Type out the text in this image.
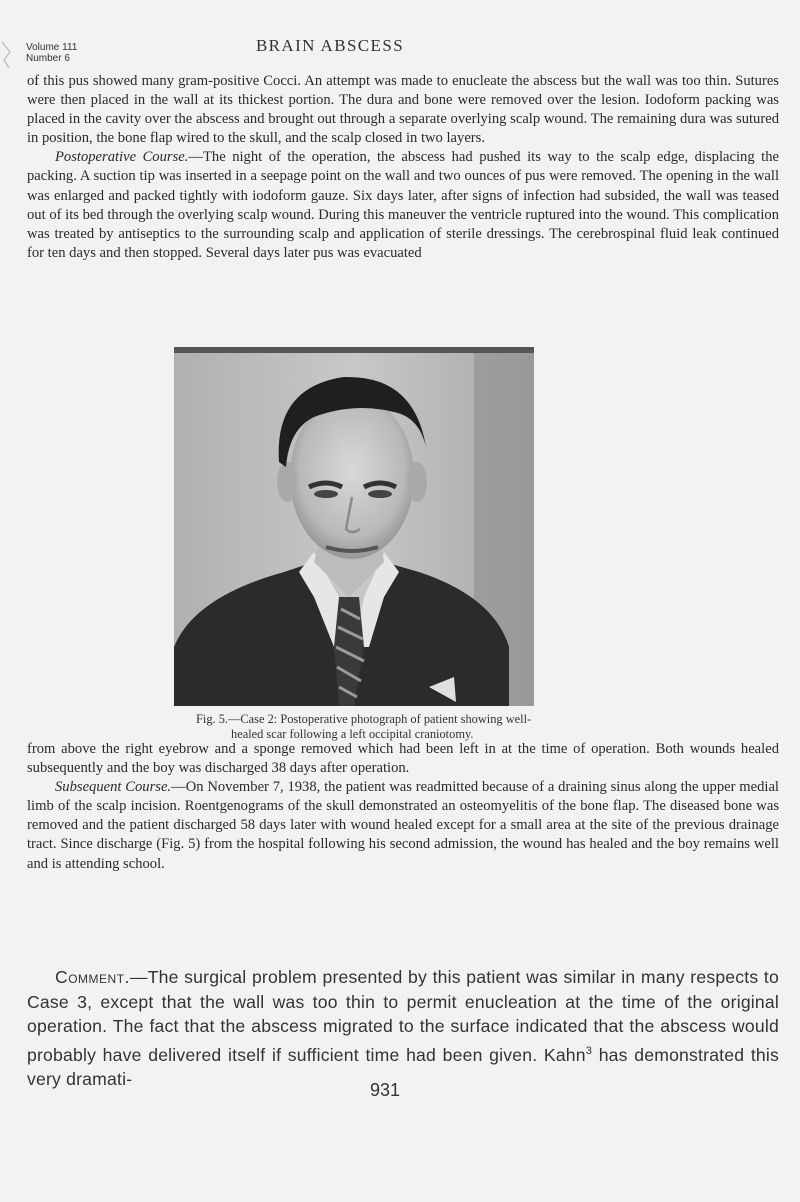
Volume 111
Number 6
BRAIN ABSCESS

of this pus showed many gram-positive Cocci. An attempt was made to enucleate the abscess but the wall was too thin. Sutures were then placed in the wall at its thickest portion. The dura and bone were removed over the lesion. Iodoform packing was placed in the cavity over the abscess and brought out through a separate overlying scalp wound. The remaining dura was sutured in position, the bone flap wired to the skull, and the scalp closed in two layers.

Postoperative Course.—The night of the operation, the abscess had pushed its way to the scalp edge, displacing the packing. A suction tip was inserted in a seepage point on the wall and two ounces of pus were removed. The opening in the wall was enlarged and packed tightly with iodoform gauze. Six days later, after signs of infection had subsided, the wall was teased out of its bed through the overlying scalp wound. During this maneuver the ventricle ruptured into the wound. This complication was treated by antiseptics to the surrounding scalp and application of sterile dressings. The cerebrospinal fluid leak continued for ten days and then stopped. Several days later pus was evacuated

Fig. 5.—Case 2: Postoperative photograph of patient showing well-
healed scar following a left occipital craniotomy.

from above the right eyebrow and a sponge removed which had been left in at the time of operation. Both wounds healed subsequently and the boy was discharged 38 days after operation.

Subsequent Course.—On November 7, 1938, the patient was readmitted because of a draining sinus along the upper medial limb of the scalp incision. Roentgenograms of the skull demonstrated an osteomyelitis of the bone flap. The diseased bone was removed and the patient discharged 58 days later with wound healed except for a small area at the site of the previous drainage tract. Since discharge (Fig. 5) from the hospital following his second admission, the wound has healed and the boy remains well and is attending school.

Comment.—The surgical problem presented by this patient was similar in many respects to Case 3, except that the wall was too thin to permit enucleation at the time of the original operation. The fact that the abscess migrated to the surface indicated that the abscess would probably have delivered itself if sufficient time had been given. Kahn$^3$ has demonstrated this very dramati-

931
